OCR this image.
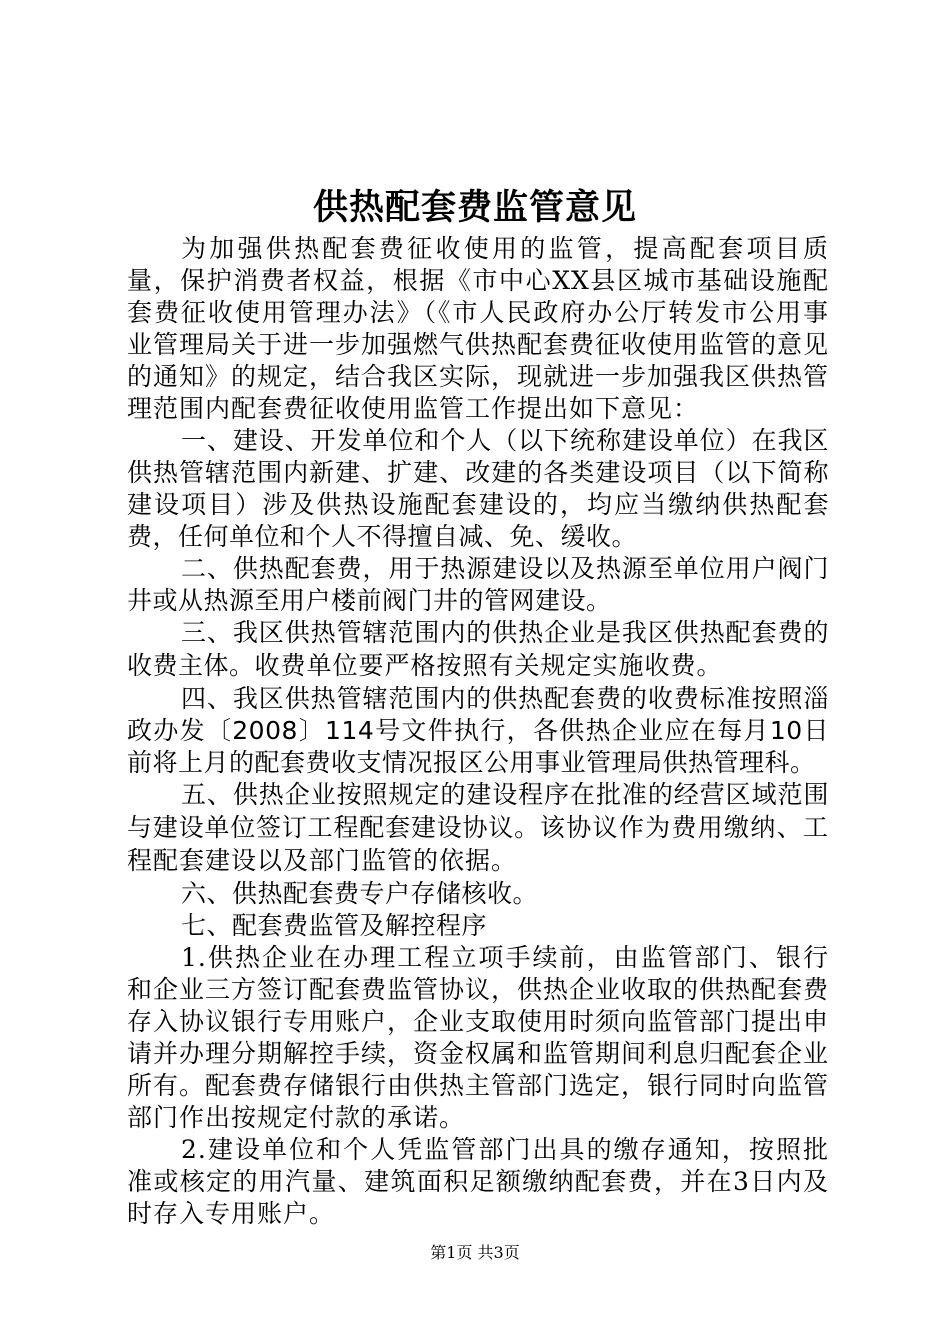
供热配套费监管意见

为加强供热配套费征收使用的监管，提高配套项目质量，保护消费者权益，根据《市中心XX县区城市基础设施配套费征收使用管理办法》（《市人民政府办公厅转发市公用事业管理局关于进一步加强燃气供热配套费征收使用监管的意见的通知》的规定，结合我区实际，现就进一步加强我区供热管理范围内配套费征收使用监管工作提出如下意见：

一、建设、开发单位和个人（以下统称建设单位）在我区供热管辖范围内新建、扩建、改建的各类建设项目（以下简称建设项目）涉及供热设施配套建设的，均应当缴纳供热配套费，任何单位和个人不得擅自减、免、缓收。

二、供热配套费，用于热源建设以及热源至单位用户阀门井或从热源至用户楼前阀门井的管网建设。

三、我区供热管辖范围内的供热企业是我区供热配套费的收费主体。收费单位要严格按照有关规定实施收费。

四、我区供热管辖范围内的供热配套费的收费标准按照淄政办发〔2008〕114号文件执行，各供热企业应在每月10日前将上月的配套费收支情况报区公用事业管理局供热管理科。

五、供热企业按照规定的建设程序在批准的经营区域范围与建设单位签订工程配套建设协议。该协议作为费用缴纳、工程配套建设以及部门监管的依据。

六、供热配套费专户存储核收。

七、配套费监管及解控程序

1.供热企业在办理工程立项手续前，由监管部门、银行和企业三方签订配套费监管协议，供热企业收取的供热配套费存入协议银行专用账户，企业支取使用时须向监管部门提出申请并办理分期解控手续，资金权属和监管期间利息归配套企业所有。配套费存储银行由供热主管部门选定，银行同时向监管部门作出按规定付款的承诺。

2.建设单位和个人凭监管部门出具的缴存通知，按照批准或核定的用汽量、建筑面积足额缴纳配套费，并在3日内及时存入专用账户。

第1页 共3页
